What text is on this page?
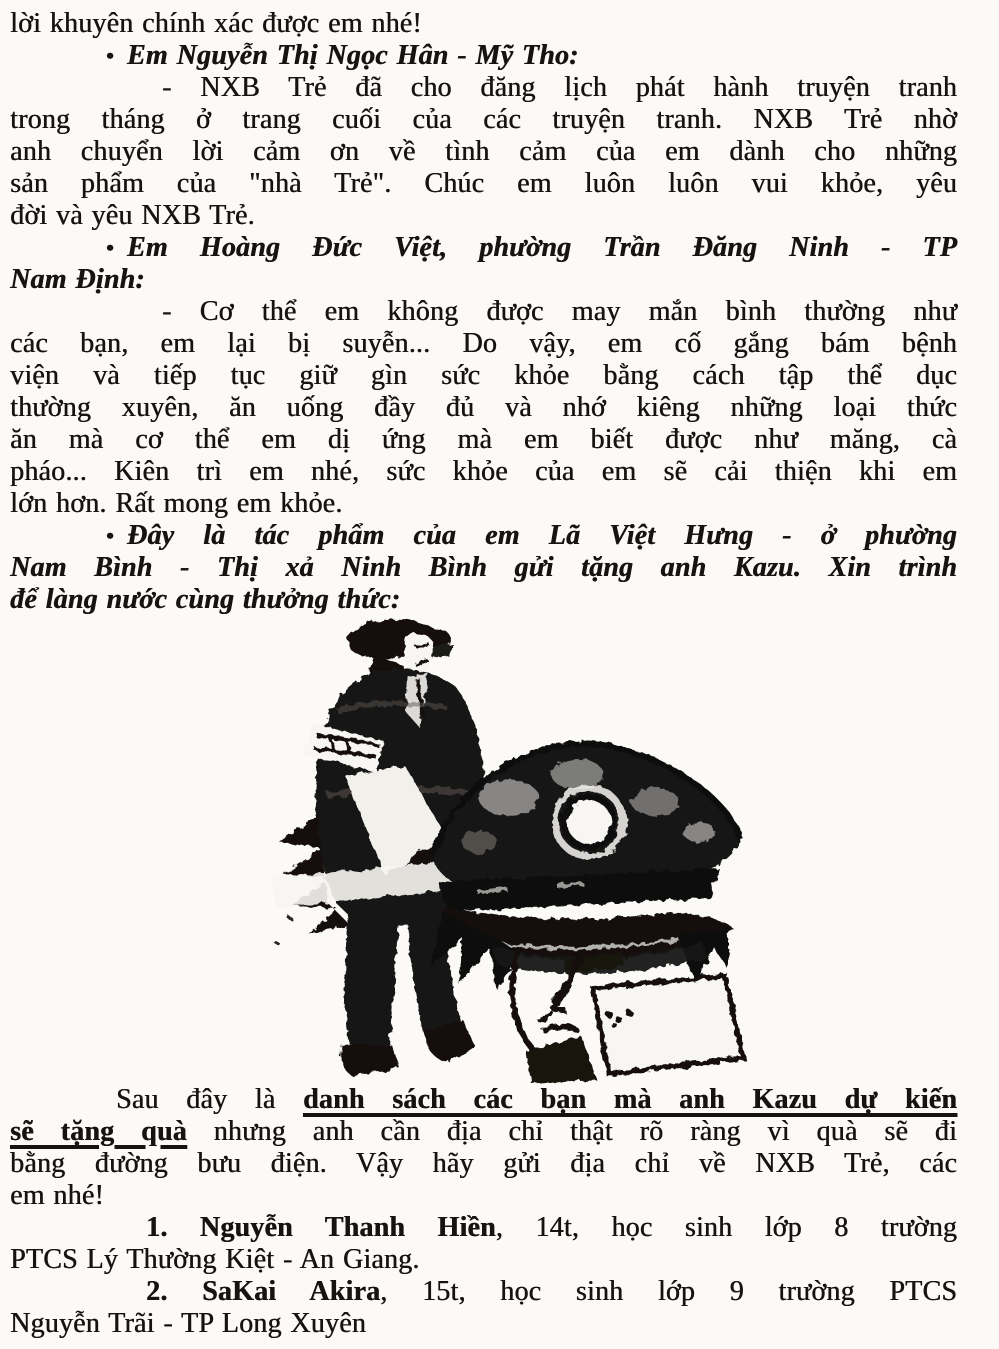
lời khuyên chính xác được em nhé!
• Em Nguyễn Thị Ngọc Hân - Mỹ Tho:
- NXB Trẻ đã cho đăng lịch phát hành truyện tranh
trong tháng ở trang cuối của các truyện tranh. NXB Trẻ nhờ
anh chuyển lời cảm ơn về tình cảm của em dành cho những
sản phẩm của "nhà Trẻ". Chúc em luôn luôn vui khỏe, yêu
đời và yêu NXB Trẻ.
• Em Hoàng Đức Việt, phường Trần Đăng Ninh - TP
Nam Định:
- Cơ thể em không được may mắn bình thường như
các bạn, em lại bị suyễn... Do vậy, em cố gắng bám bệnh
viện và tiếp tục giữ gìn sức khỏe bằng cách tập thể dục
thường xuyên, ăn uống đầy đủ và nhớ kiêng những loại thức
ăn mà cơ thể em dị ứng mà em biết được như măng, cà
pháo... Kiên trì em nhé, sức khỏe của em sẽ cải thiện khi em
lớn hơn. Rất mong em khỏe.
• Đây là tác phẩm của em Lã Việt Hưng - ở phường
Nam Bình - Thị xả Ninh Bình gửi tặng anh Kazu. Xin trình
để làng nước cùng thưởng thức:
Sau đây là danh sách các bạn mà anh Kazu dự kiến
sẽ tặng quà nhưng anh cần địa chỉ thật rõ ràng vì quà sẽ đi
bằng đường bưu điện. Vậy hãy gửi địa chỉ về NXB Trẻ, các
em nhé!
1. Nguyễn Thanh Hiền, 14t, học sinh lớp 8 trường
PTCS Lý Thường Kiệt - An Giang.
2. SaKai Akira, 15t, học sinh lớp 9 trường PTCS
Nguyễn Trãi - TP Long Xuyên
